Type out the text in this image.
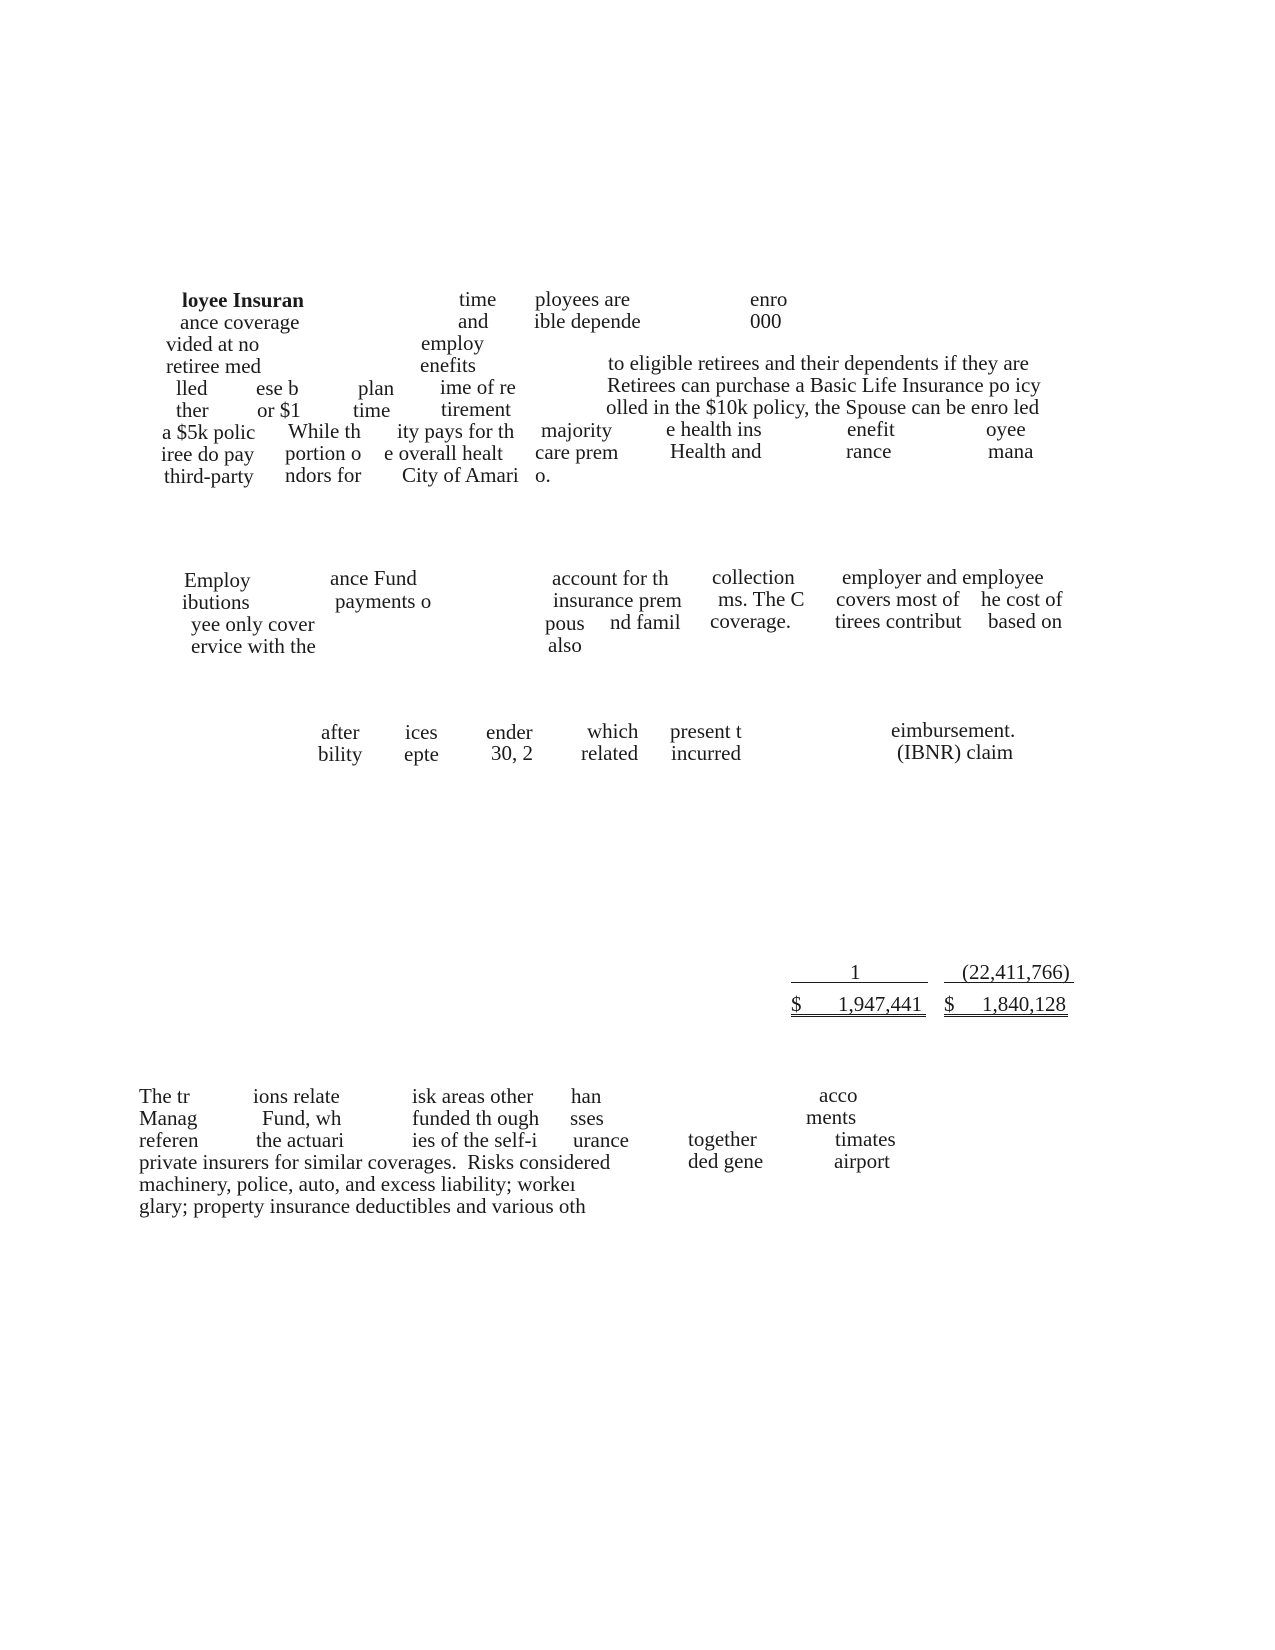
loyee Insuran	time ployees are	enro
ance coverage	and ible depende	000
vided at no	employ
retiree med	enefits	to eligible retirees and their dependents if they are
lled ese b	plan ime of re	Retirees can purchase a Basic Life Insurance po icy
ther or $1 time tirement	olled in the $10k policy, the Spouse can be enro led
a $5k polic While th ity pays for th majority	e health ins	enefit	oyee
iree do pay portion o e overall healt care prem Health and	rance	mana
third-party ndors for City of Amari o.
Employ	ance Fund	account for th collection employer and employee
ibutions	payments o	insurance prem ms. The C covers most of he cost of
yee only cover	pous nd famil coverage. tirees contribut based on
ervice with the	also
after ices ender	which present t	eimbursement.
bility epte 30, 2 related incurred	(IBNR) claim
1	(22,411,766)
$ 1,947,441 $ 1,840,128
The tr	ions relate	isk areas other han	acco
Manag	Fund, wh	funded th ough sses	ments
referen	the actuari	ies of the self-i urance	together	timates
private insurers for similar coverages.  Risks considered	ded gene	airport
machinery, police, auto, and excess liability; workeı
glary; property insurance deductibles and various oth
